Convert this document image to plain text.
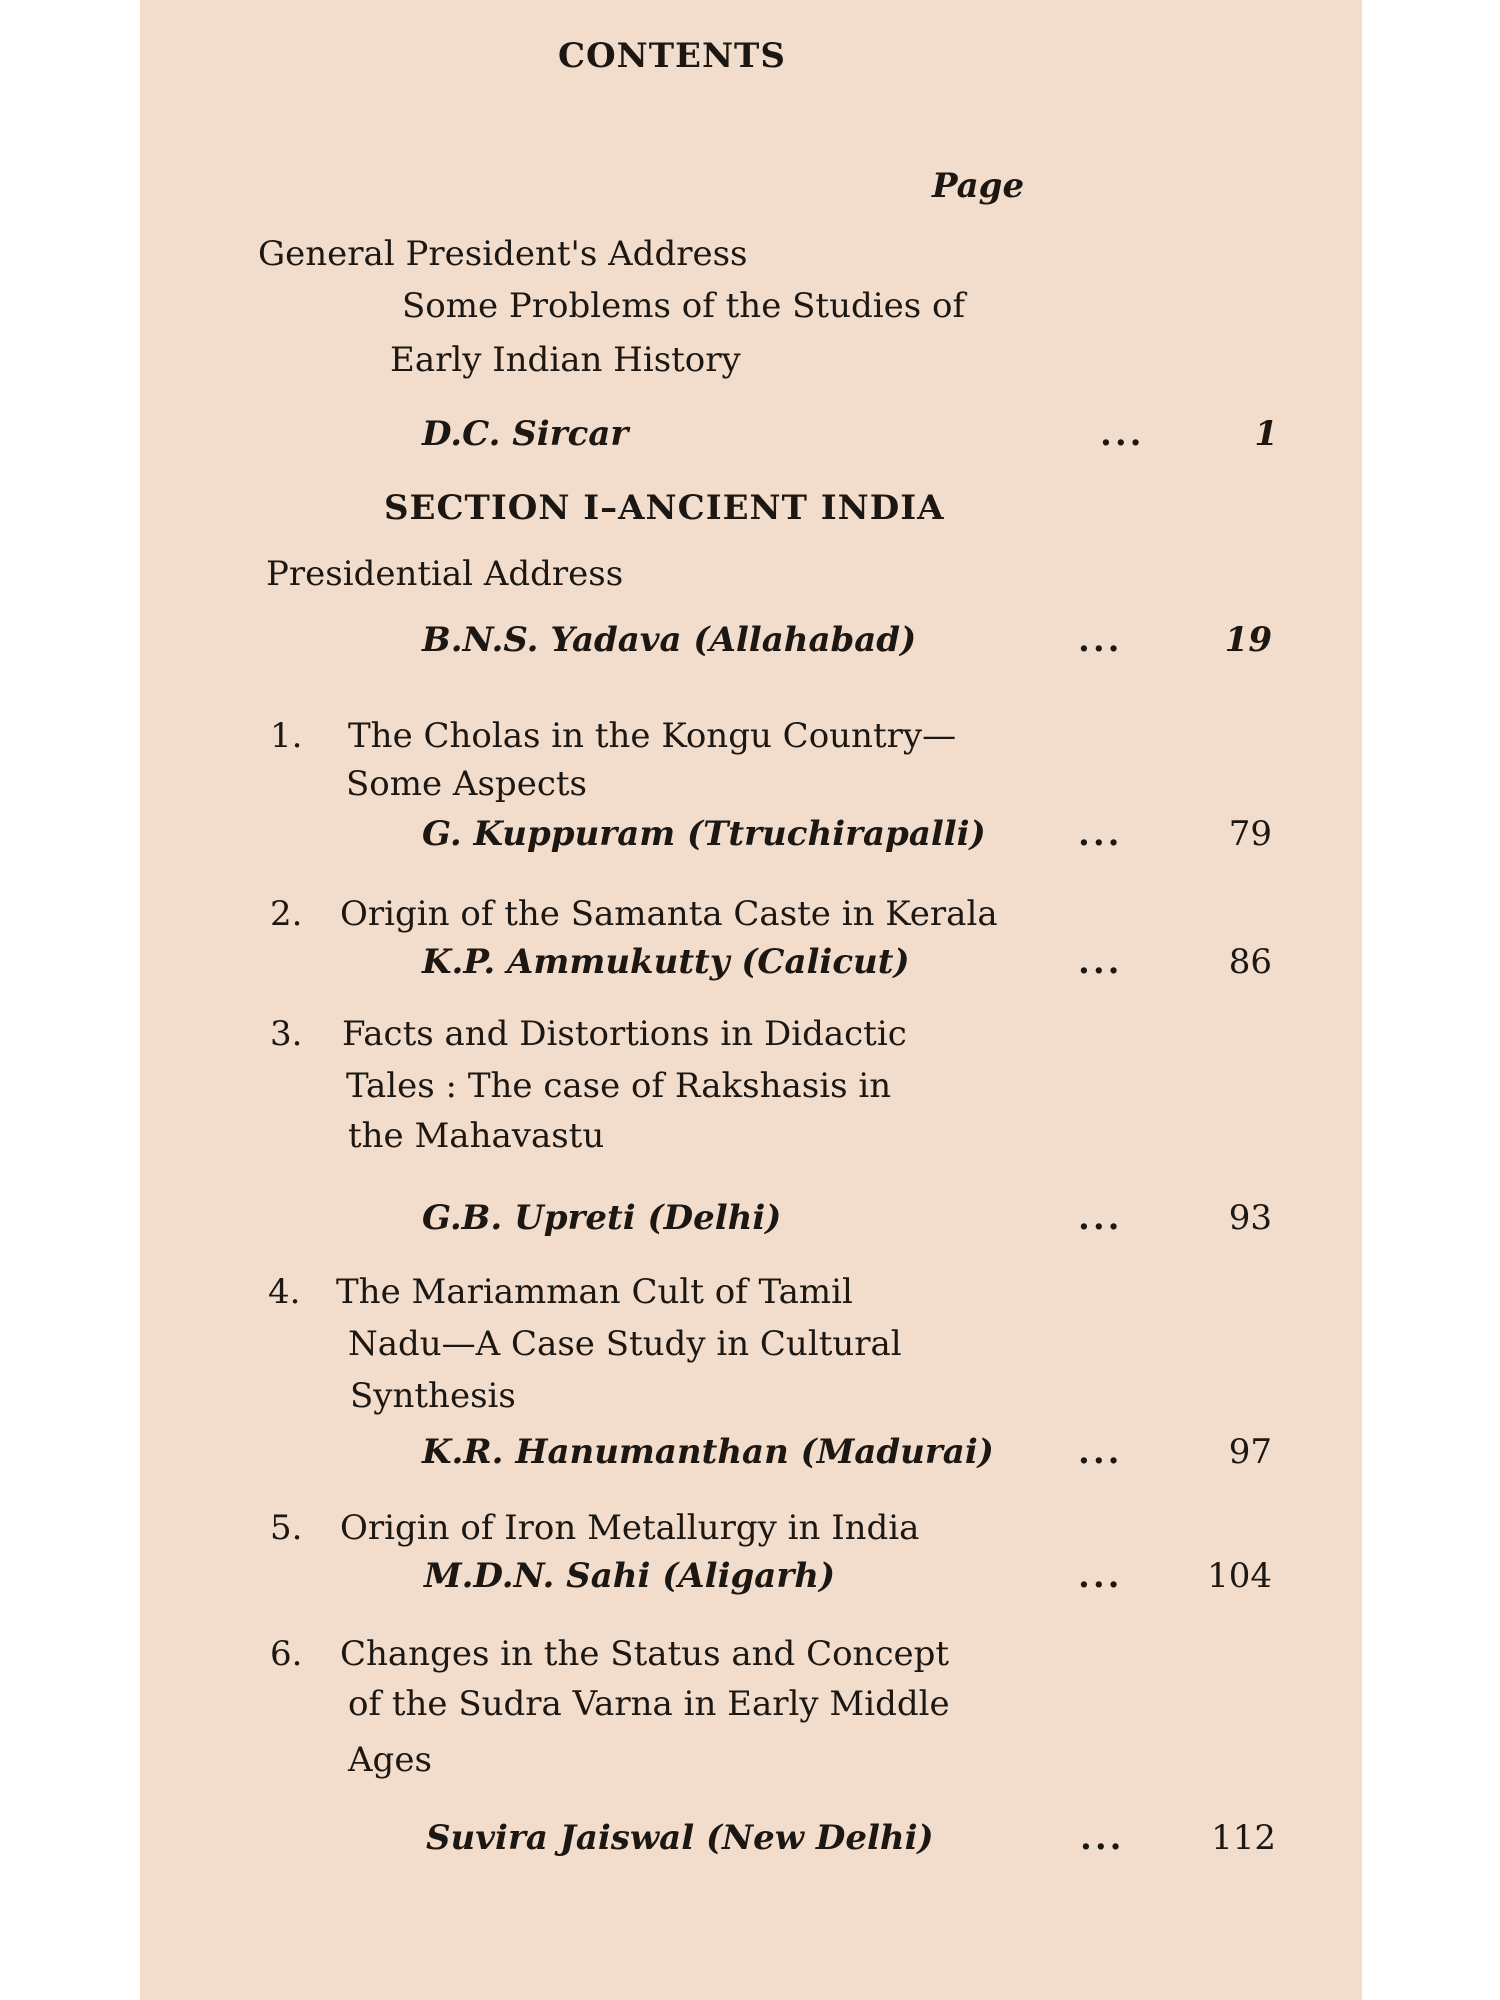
CONTENTS
Page
General President's Address
Some Problems of the Studies of
Early Indian History
D.C. Sircar	...	1
SECTION I–ANCIENT INDIA
Presidential Address
B.N.S. Yadava (Allahabad)	...	19
1.	The Cholas in the Kongu Country—
Some Aspects
G. Kuppuram (Ttruchirapalli)	...	79
2.	Origin of the Samanta Caste in Kerala
K.P. Ammukutty (Calicut)	...	86
3.	Facts and Distortions in Didactic
Tales : The case of Rakshasis in
the Mahavastu
G.B. Upreti (Delhi)	...	93
4.	The Mariamman Cult of Tamil
Nadu—A Case Study in Cultural
Synthesis
K.R. Hanumanthan (Madurai) ...	97
5.	Origin of Iron Metallurgy in India
M.D.N. Sahi (Aligarh)	...	104
6.	Changes in the Status and Concept
of the Sudra Varna in Early Middle
Ages
Suvira Jaiswal (New Delhi)	...	112
